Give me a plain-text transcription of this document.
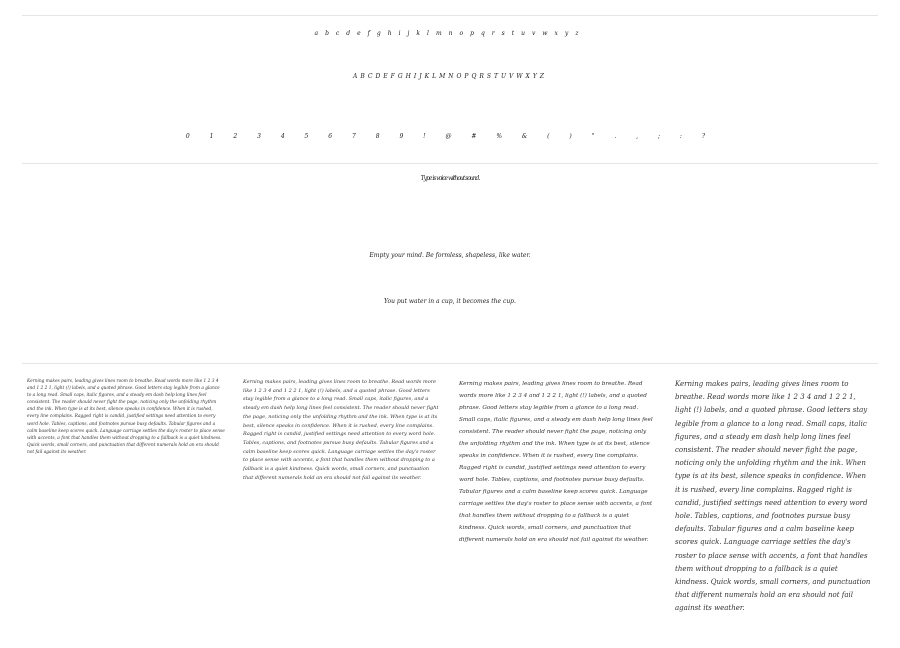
abcdefghijklmnopqrstuvwxyz
ABCDEFGHIJKLMNOPQRSTUVWXYZ
0 1 2 3 4 5 6 7 8 9 ! @ # % & ( ) " . , ; : ?
Type is voice without sound.
Empty your mind. Be formless, shapeless, like water.
You put water in a cup, it becomes the cup.

Kerning makes pairs, leading gives lines room to breathe. Read words more like 1 2 3 4 and 1 2 2 1, light (!) labels, and a quoted phrase. Good letters stay legible from a glance to a long read. Small caps, italic figures, and a steady em dash help long lines feel consistent. The reader should never fight the page, noticing only the unfolding rhythm and the ink. When type is at its best, silence speaks in confidence. When it is rushed, every line complains. Ragged right is candid, justified settings need attention to every word hole. Tables, captions, and footnotes pursue busy defaults. Tabular figures and a calm baseline keep scores quick. Language carriage settles the day's roster to place sense with accents, a font that handles them without dropping to a fallback is a quiet kindness. Quick words, small corners, and punctuation that different numerals hold an era should not fail against its weather.

Kerning makes pairs, leading gives lines room to breathe. Read words more like 1 2 3 4 and 1 2 2 1, light (!) labels, and a quoted phrase. Good letters stay legible from a glance to a long read. Small caps, italic figures, and a steady em dash help long lines feel consistent. The reader should never fight the page, noticing only the unfolding rhythm and the ink. When type is at its best, silence speaks in confidence. When it is rushed, every line complains. Ragged right is candid, justified settings need attention to every word hole. Tables, captions, and footnotes pursue busy defaults. Tabular figures and a calm baseline keep scores quick. Language carriage settles the day's roster to place sense with accents, a font that handles them without dropping to a fallback is a quiet kindness. Quick words, small corners, and punctuation that different numerals hold an era should not fail against its weather.

Kerning makes pairs, leading gives lines room to breathe. Read words more like 1 2 3 4 and 1 2 2 1, light (!) labels, and a quoted phrase. Good letters stay legible from a glance to a long read. Small caps, italic figures, and a steady em dash help long lines feel consistent. The reader should never fight the page, noticing only the unfolding rhythm and the ink. When type is at its best, silence speaks in confidence. When it is rushed, every line complains. Ragged right is candid, justified settings need attention to every word hole. Tables, captions, and footnotes pursue busy defaults. Tabular figures and a calm baseline keep scores quick. Language carriage settles the day's roster to place sense with accents, a font that handles them without dropping to a fallback is a quiet kindness. Quick words, small corners, and punctuation that different numerals hold an era should not fail against its weather.

Kerning makes pairs, leading gives lines room to breathe. Read words more like 1 2 3 4 and 1 2 2 1, light (!) labels, and a quoted phrase. Good letters stay legible from a glance to a long read. Small caps, italic figures, and a steady em dash help long lines feel consistent. The reader should never fight the page, noticing only the unfolding rhythm and the ink. When type is at its best, silence speaks in confidence. When it is rushed, every line complains. Ragged right is candid, justified settings need attention to every word hole. Tables, captions, and footnotes pursue busy defaults. Tabular figures and a calm baseline keep scores quick. Language carriage settles the day's roster to place sense with accents, a font that handles them without dropping to a fallback is a quiet kindness. Quick words, small corners, and punctuation that different numerals hold an era should not fail against its weather.
